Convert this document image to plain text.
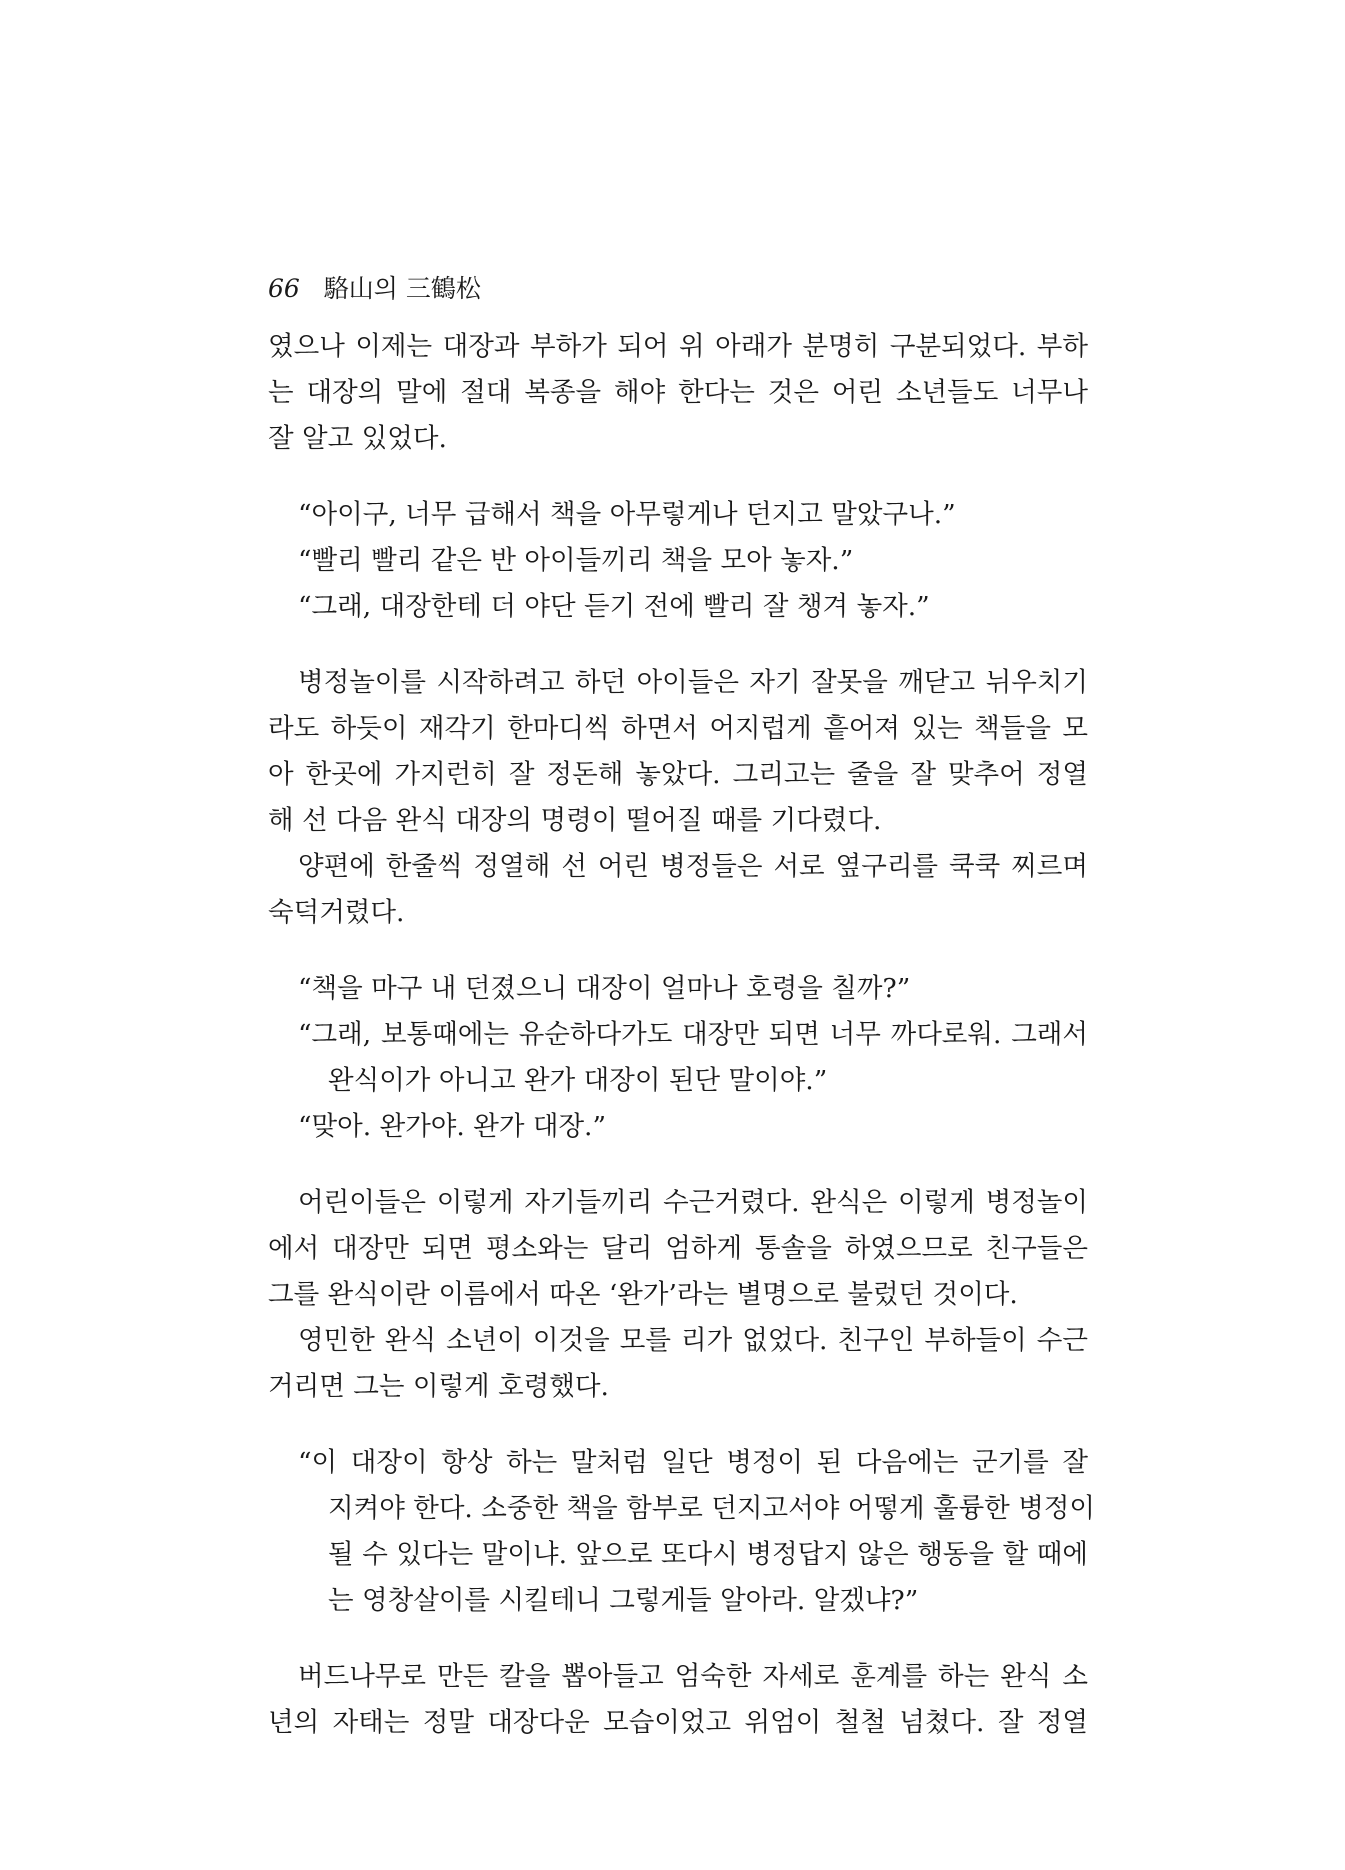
66 駱山의 三鶴松
였으나 이제는 대장과 부하가 되어 위 아래가 분명히 구분되었다. 부하
는 대장의 말에 절대 복종을 해야 한다는 것은 어린 소년들도 너무나
잘 알고 있었다.
“아이구, 너무 급해서 책을 아무렇게나 던지고 말았구나.”
“빨리 빨리 같은 반 아이들끼리 책을 모아 놓자.”
“그래, 대장한테 더 야단 듣기 전에 빨리 잘 챙겨 놓자.”
병정놀이를 시작하려고 하던 아이들은 자기 잘못을 깨닫고 뉘우치기
라도 하듯이 재각기 한마디씩 하면서 어지럽게 흩어져 있는 책들을 모
아 한곳에 가지런히 잘 정돈해 놓았다. 그리고는 줄을 잘 맞추어 정열
해 선 다음 완식 대장의 명령이 떨어질 때를 기다렸다.
양편에 한줄씩 정열해 선 어린 병정들은 서로 옆구리를 쿡쿡 찌르며
숙덕거렸다.
“책을 마구 내 던졌으니 대장이 얼마나 호령을 칠까?”
“그래, 보통때에는 유순하다가도 대장만 되면 너무 까다로워. 그래서
완식이가 아니고 완가 대장이 된단 말이야.”
“맞아. 완가야. 완가 대장.”
어린이들은 이렇게 자기들끼리 수근거렸다. 완식은 이렇게 병정놀이
에서 대장만 되면 평소와는 달리 엄하게 통솔을 하였으므로 친구들은
그를 완식이란 이름에서 따온 ‘완가’라는 별명으로 불렀던 것이다.
영민한 완식 소년이 이것을 모를 리가 없었다. 친구인 부하들이 수근
거리면 그는 이렇게 호령했다.
“이 대장이 항상 하는 말처럼 일단 병정이 된 다음에는 군기를 잘
지켜야 한다. 소중한 책을 함부로 던지고서야 어떻게 훌륭한 병정이
될 수 있다는 말이냐. 앞으로 또다시 병정답지 않은 행동을 할 때에
는 영창살이를 시킬테니 그렇게들 알아라. 알겠냐?”
버드나무로 만든 칼을 뽑아들고 엄숙한 자세로 훈계를 하는 완식 소
년의 자태는 정말 대장다운 모습이었고 위엄이 철철 넘쳤다. 잘 정열
